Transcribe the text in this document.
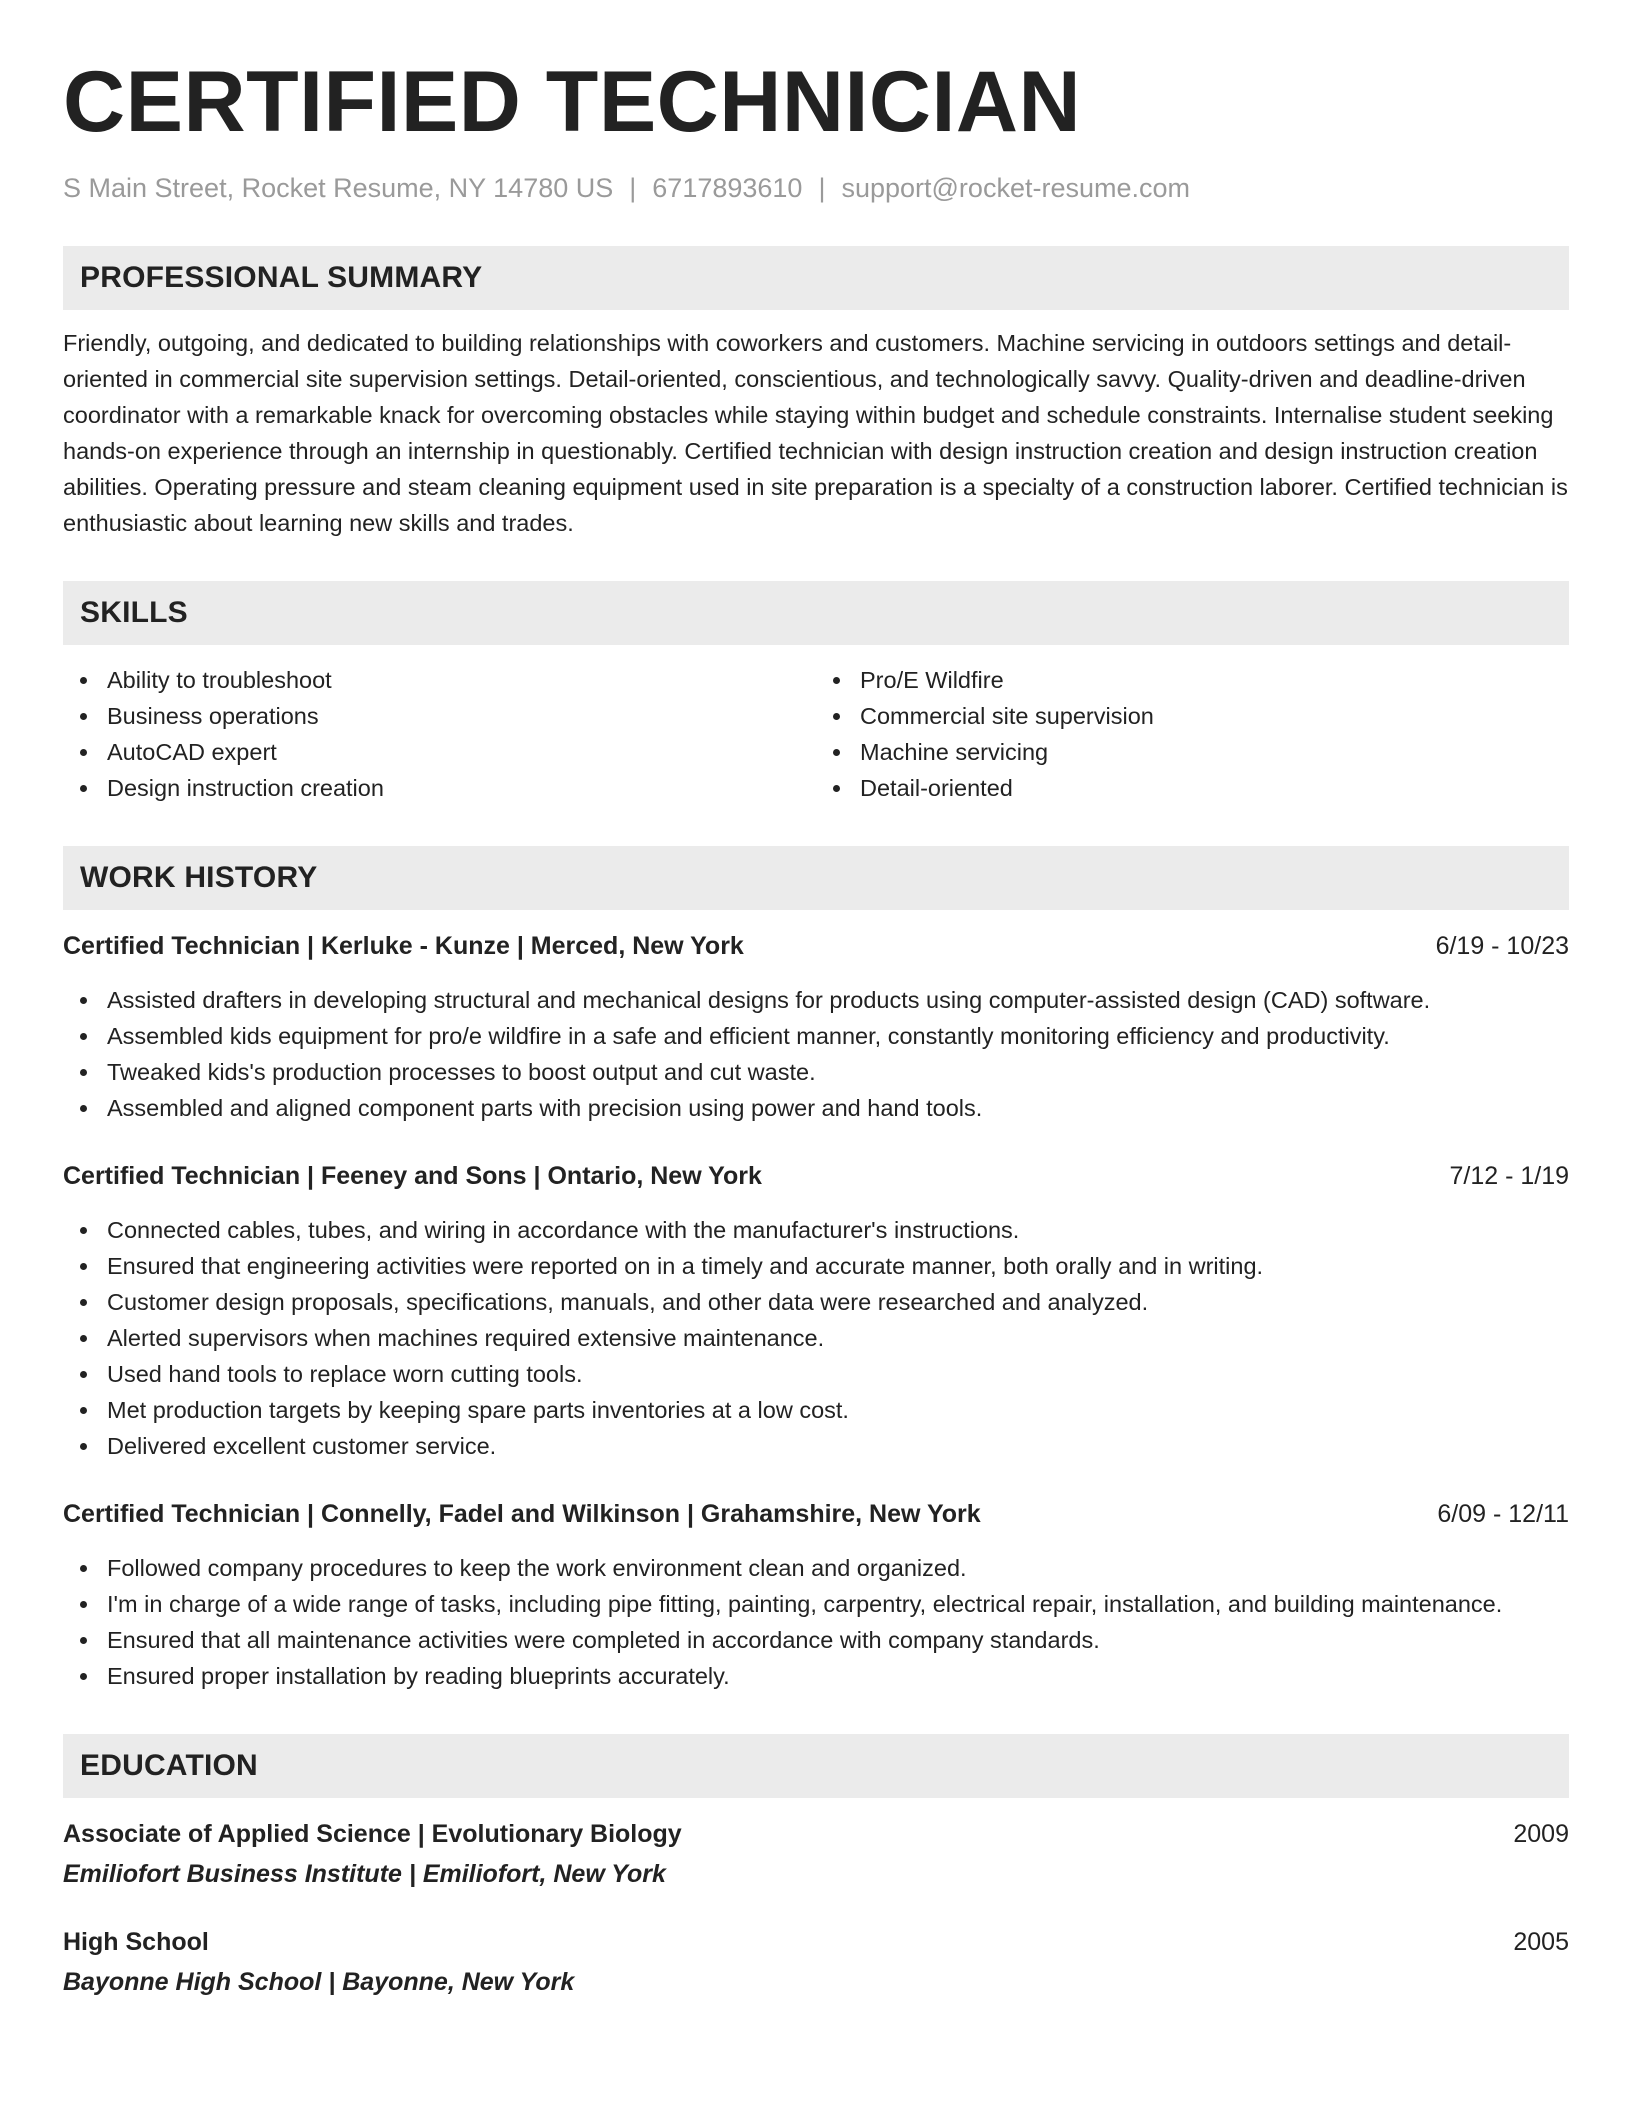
CERTIFIED TECHNICIAN
S Main Street, Rocket Resume, NY 14780 US | 6717893610 | support@rocket-resume.com
PROFESSIONAL SUMMARY
Friendly, outgoing, and dedicated to building relationships with coworkers and customers. Machine servicing in outdoors settings and detail-oriented in commercial site supervision settings. Detail-oriented, conscientious, and technologically savvy. Quality-driven and deadline-driven coordinator with a remarkable knack for overcoming obstacles while staying within budget and schedule constraints. Internalise student seeking hands-on experience through an internship in questionably. Certified technician with design instruction creation and design instruction creation abilities. Operating pressure and steam cleaning equipment used in site preparation is a specialty of a construction laborer. Certified technician is enthusiastic about learning new skills and trades.
SKILLS
Ability to troubleshoot
Business operations
AutoCAD expert
Design instruction creation
Pro/E Wildfire
Commercial site supervision
Machine servicing
Detail-oriented
WORK HISTORY
Certified Technician | Kerluke - Kunze | Merced, New York	6/19 - 10/23
Assisted drafters in developing structural and mechanical designs for products using computer-assisted design (CAD) software.
Assembled kids equipment for pro/e wildfire in a safe and efficient manner, constantly monitoring efficiency and productivity.
Tweaked kids's production processes to boost output and cut waste.
Assembled and aligned component parts with precision using power and hand tools.
Certified Technician | Feeney and Sons | Ontario, New York	7/12 - 1/19
Connected cables, tubes, and wiring in accordance with the manufacturer's instructions.
Ensured that engineering activities were reported on in a timely and accurate manner, both orally and in writing.
Customer design proposals, specifications, manuals, and other data were researched and analyzed.
Alerted supervisors when machines required extensive maintenance.
Used hand tools to replace worn cutting tools.
Met production targets by keeping spare parts inventories at a low cost.
Delivered excellent customer service.
Certified Technician | Connelly, Fadel and Wilkinson | Grahamshire, New York	6/09 - 12/11
Followed company procedures to keep the work environment clean and organized.
I'm in charge of a wide range of tasks, including pipe fitting, painting, carpentry, electrical repair, installation, and building maintenance.
Ensured that all maintenance activities were completed in accordance with company standards.
Ensured proper installation by reading blueprints accurately.
EDUCATION
Associate of Applied Science | Evolutionary Biology	2009
Emiliofort Business Institute | Emiliofort, New York
High School	2005
Bayonne High School | Bayonne, New York
